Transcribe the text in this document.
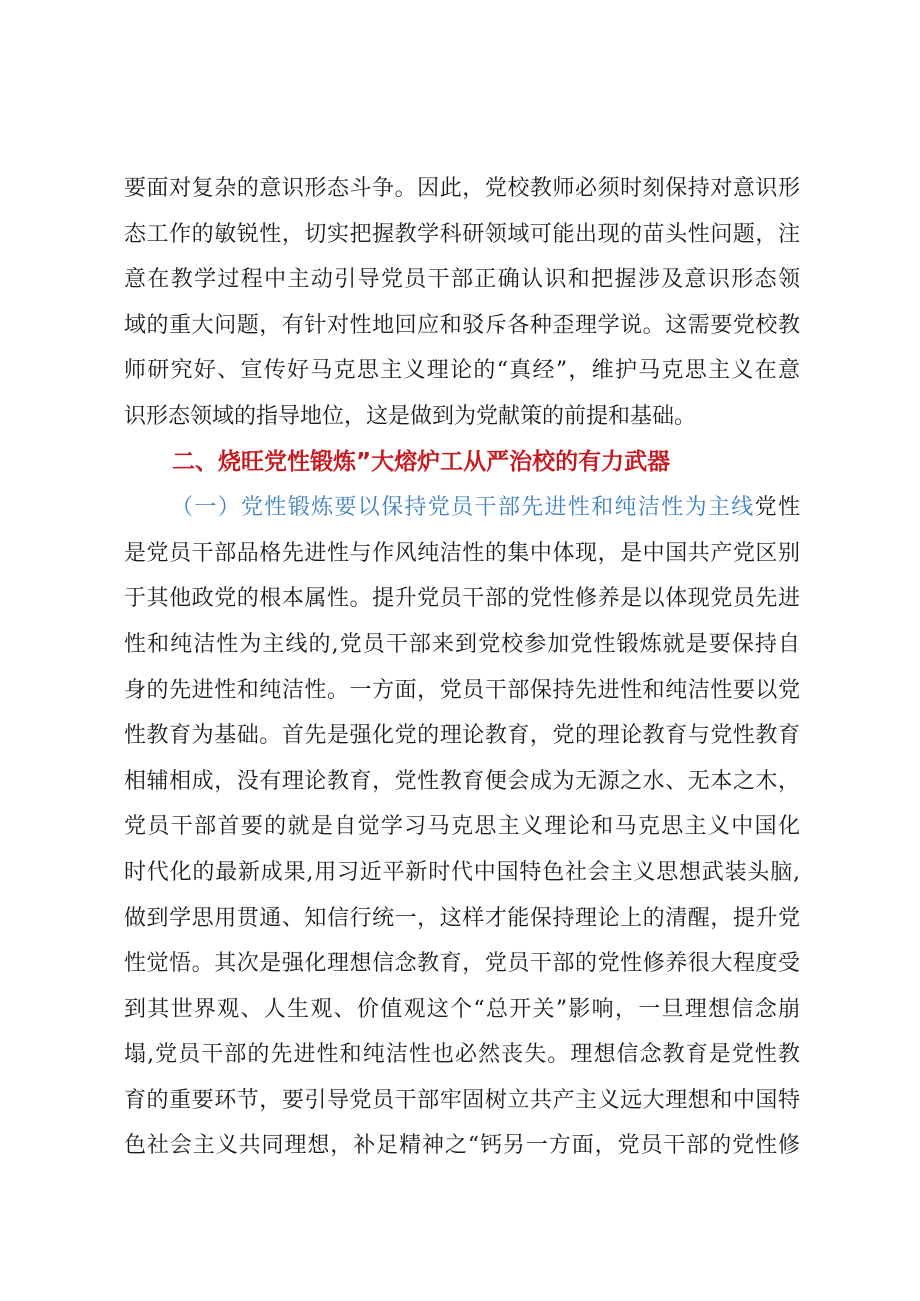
要面对复杂的意识形态斗争。因此，党校教师必须时刻保持对意识形
态工作的敏锐性，切实把握教学科研领域可能出现的苗头性问题，注
意在教学过程中主动引导党员干部正确认识和把握涉及意识形态领
域的重大问题，有针对性地回应和驳斥各种歪理学说。这需要党校教
师研究好、宣传好马克思主义理论的“真经”，维护马克思主义在意
识形态领域的指导地位，这是做到为党献策的前提和基础。
二、烧旺党性锻炼”大熔炉工从严治校的有力武器
（一）党性锻炼要以保持党员干部先进性和纯洁性为主线党性
是党员干部品格先进性与作风纯洁性的集中体现，是中国共产党区别
于其他政党的根本属性。提升党员干部的党性修养是以体现党员先进
性和纯洁性为主线的,党员干部来到党校参加党性锻炼就是要保持自
身的先进性和纯洁性。一方面，党员干部保持先进性和纯洁性要以党
性教育为基础。首先是强化党的理论教育，党的理论教育与党性教育
相辅相成，没有理论教育，党性教育便会成为无源之水、无本之木，
党员干部首要的就是自觉学习马克思主义理论和马克思主义中国化
时代化的最新成果,用习近平新时代中国特色社会主义思想武装头脑,
做到学思用贯通、知信行统一，这样才能保持理论上的清醒，提升党
性觉悟。其次是强化理想信念教育，党员干部的党性修养很大程度受
到其世界观、人生观、价值观这个“总开关”影响，一旦理想信念崩
塌,党员干部的先进性和纯洁性也必然丧失。理想信念教育是党性教
育的重要环节，要引导党员干部牢固树立共产主义远大理想和中国特
色社会主义共同理想，补足精神之“钙另一方面，党员干部的党性修
